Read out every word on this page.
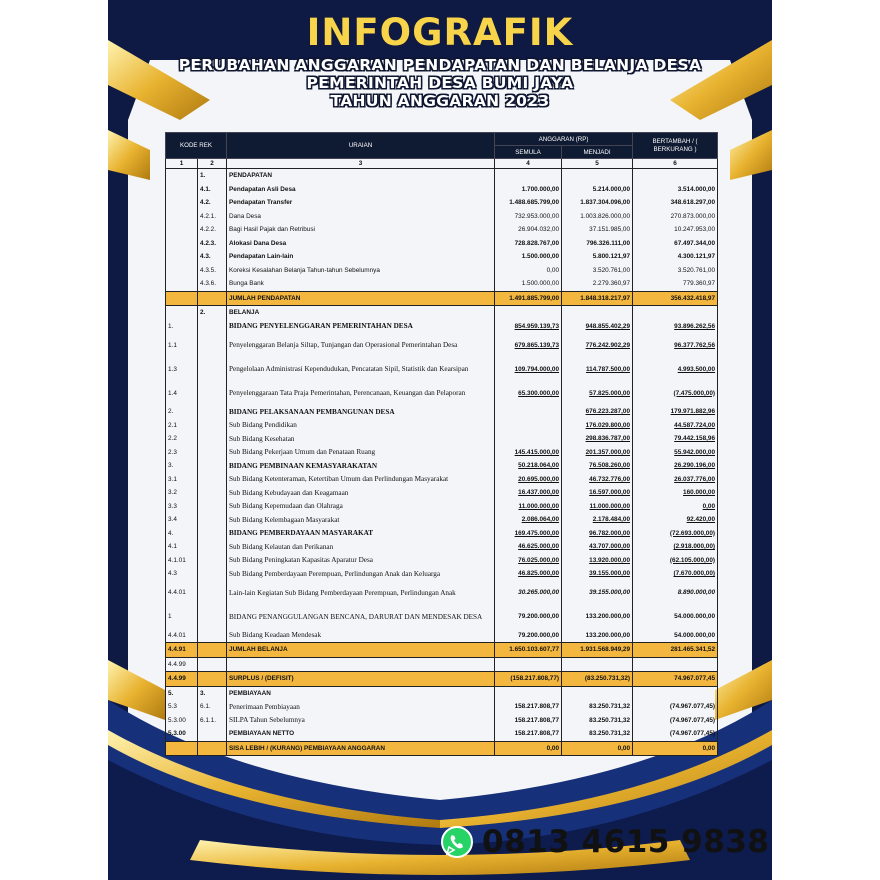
INFOGRAFIK
PERUBAHAN ANGGARAN PENDAPATAN DAN BELANJA DESA
PEMERINTAH DESA BUMI JAYA
TAHUN ANGGARAN 2023
KODE REK		URAIAN	ANGGARAN (RP)		BERTAMBAH / ( BERKURANG )
			SEMULA	MENJADI	
1	2	3	4	5	6
	1.	PENDAPATAN			
	4.1.	Pendapatan Asli Desa	1.700.000,00	5.214.000,00	3.514.000,00
	4.2.	Pendapatan Transfer	1.488.685.799,00	1.837.304.096,00	348.618.297,00
	4.2.1.	Dana Desa	732.953.000,00	1.003.826.000,00	270.873.000,00
	4.2.2.	Bagi Hasil Pajak dan Retribusi	26.904.032,00	37.151.985,00	10.247.953,00
	4.2.3.	Alokasi Dana Desa	728.828.767,00	796.326.111,00	67.497.344,00
	4.3.	Pendapatan Lain-lain	1.500.000,00	5.800.121,97	4.300.121,97
	4.3.5.	Koreksi Kesalahan Belanja Tahun-tahun Sebelumnya	0,00	3.520.761,00	3.520.761,00
	4.3.6.	Bunga Bank	1.500.000,00	2.279.360,97	779.360,97
		JUMLAH PENDAPATAN	1.491.885.799,00	1.848.318.217,97	356.432.418,97
	2.	BELANJA			
1.		BIDANG PENYELENGGARAN PEMERINTAHAN DESA	854.959.139,73	948.855.402,29	93.896.262,56
1.1		Penyelenggaran Belanja Siltap, Tunjangan dan Operasional Pemerintahan Desa	679.865.139,73	776.242.902,29	96.377.762,56
1.3		Pengelolaan Administrasi Kependudukan, Pencatatan Sipil, Statistik dan Kearsipan	109.794.000,00	114.787.500,00	4.993.500,00
1.4		Penyelenggaraan Tata Praja Pemerintahan, Perencanaan, Keuangan dan Pelaporan	65.300.000,00	57.825.000,00	(7.475.000,00)
2.		BIDANG PELAKSANAAN PEMBANGUNAN DESA		676.223.287,00	179.971.882,96
2.1		Sub Bidang Pendidikan		176.029.800,00	44.587.724,00
2.2		Sub Bidang Kesehatan		298.836.787,00	79.442.158,96
2.3		Sub Bidang Pekerjaan Umum dan Penataan Ruang	145.415.000,00	201.357.000,00	55.942.000,00
3.		BIDANG PEMBINAAN KEMASYARAKATAN	50.218.064,00	76.508.260,00	26.290.196,00
3.1		Sub Bidang Ketenteraman, Ketertiban Umum dan Perlindungan Masyarakat	20.695.000,00	46.732.776,00	26.037.776,00
3.2		Sub Bidang Kebudayaan dan Keagamaan	16.437.000,00	16.597.000,00	160.000,00
3.3		Sub Bidang Kepemudaan dan Olahraga	11.000.000,00	11.000.000,00	0,00
3.4		Sub Bidang Kelembagaan Masyarakat	2.086.064,00	2.178.484,00	92.420,00
4.		BIDANG PEMBERDAYAAN MASYARAKAT	169.475.000,00	96.782.000,00	(72.693.000,00)
4.1		Sub Bidang Kelautan dan Perikanan	46.625.000,00	43.707.000,00	(2.918.000,00)
4.1.01		Sub Bidang Peningkatan Kapasitas Aparatur Desa	76.025.000,00	13.920.000,00	(62.105.000,00)
4.3		Sub Bidang Pemberdayaan Perempuan, Perlindungan Anak dan Keluarga	46.825.000,00	39.155.000,00	(7.670.000,00)
4.4.01		Lain-lain Kegiatan Sub Bidang Pemberdayaan Perempuan, Perlindungan Anak	30.265.000,00	39.155.000,00	8.890.000,00
1		BIDANG PENANGGULANGAN BENCANA, DARURAT DAN MENDESAK DESA	79.200.000,00	133.200.000,00	54.000.000,00
4.4.01		Sub Bidang Keadaan Mendesak	79.200.000,00	133.200.000,00	54.000.000,00
4.4.91		JUMLAH BELANJA	1.650.103.607,77	1.931.568.949,29	281.465.341,52
4.4.99					
4.4.99		SURPLUS / (DEFISIT)	(158.217.808,77)	(83.250.731,32)	74.967.077,45
5.	3.	PEMBIAYAAN			
5.3	6.1.	Penerimaan Pembiayaan	158.217.808,77	83.250.731,32	(74.967.077,45)
5.3.00	6.1.1.	SILPA Tahun Sebelumnya	158.217.808,77	83.250.731,32	(74.967.077,45)
5.3.00		PEMBIAYAAN NETTO	158.217.808,77	83.250.731,32	(74.967.077,45)
		SISA LEBIH / (KURANG) PEMBIAYAAN ANGGARAN	0,00	0,00	0,00
0813 4615 9838
